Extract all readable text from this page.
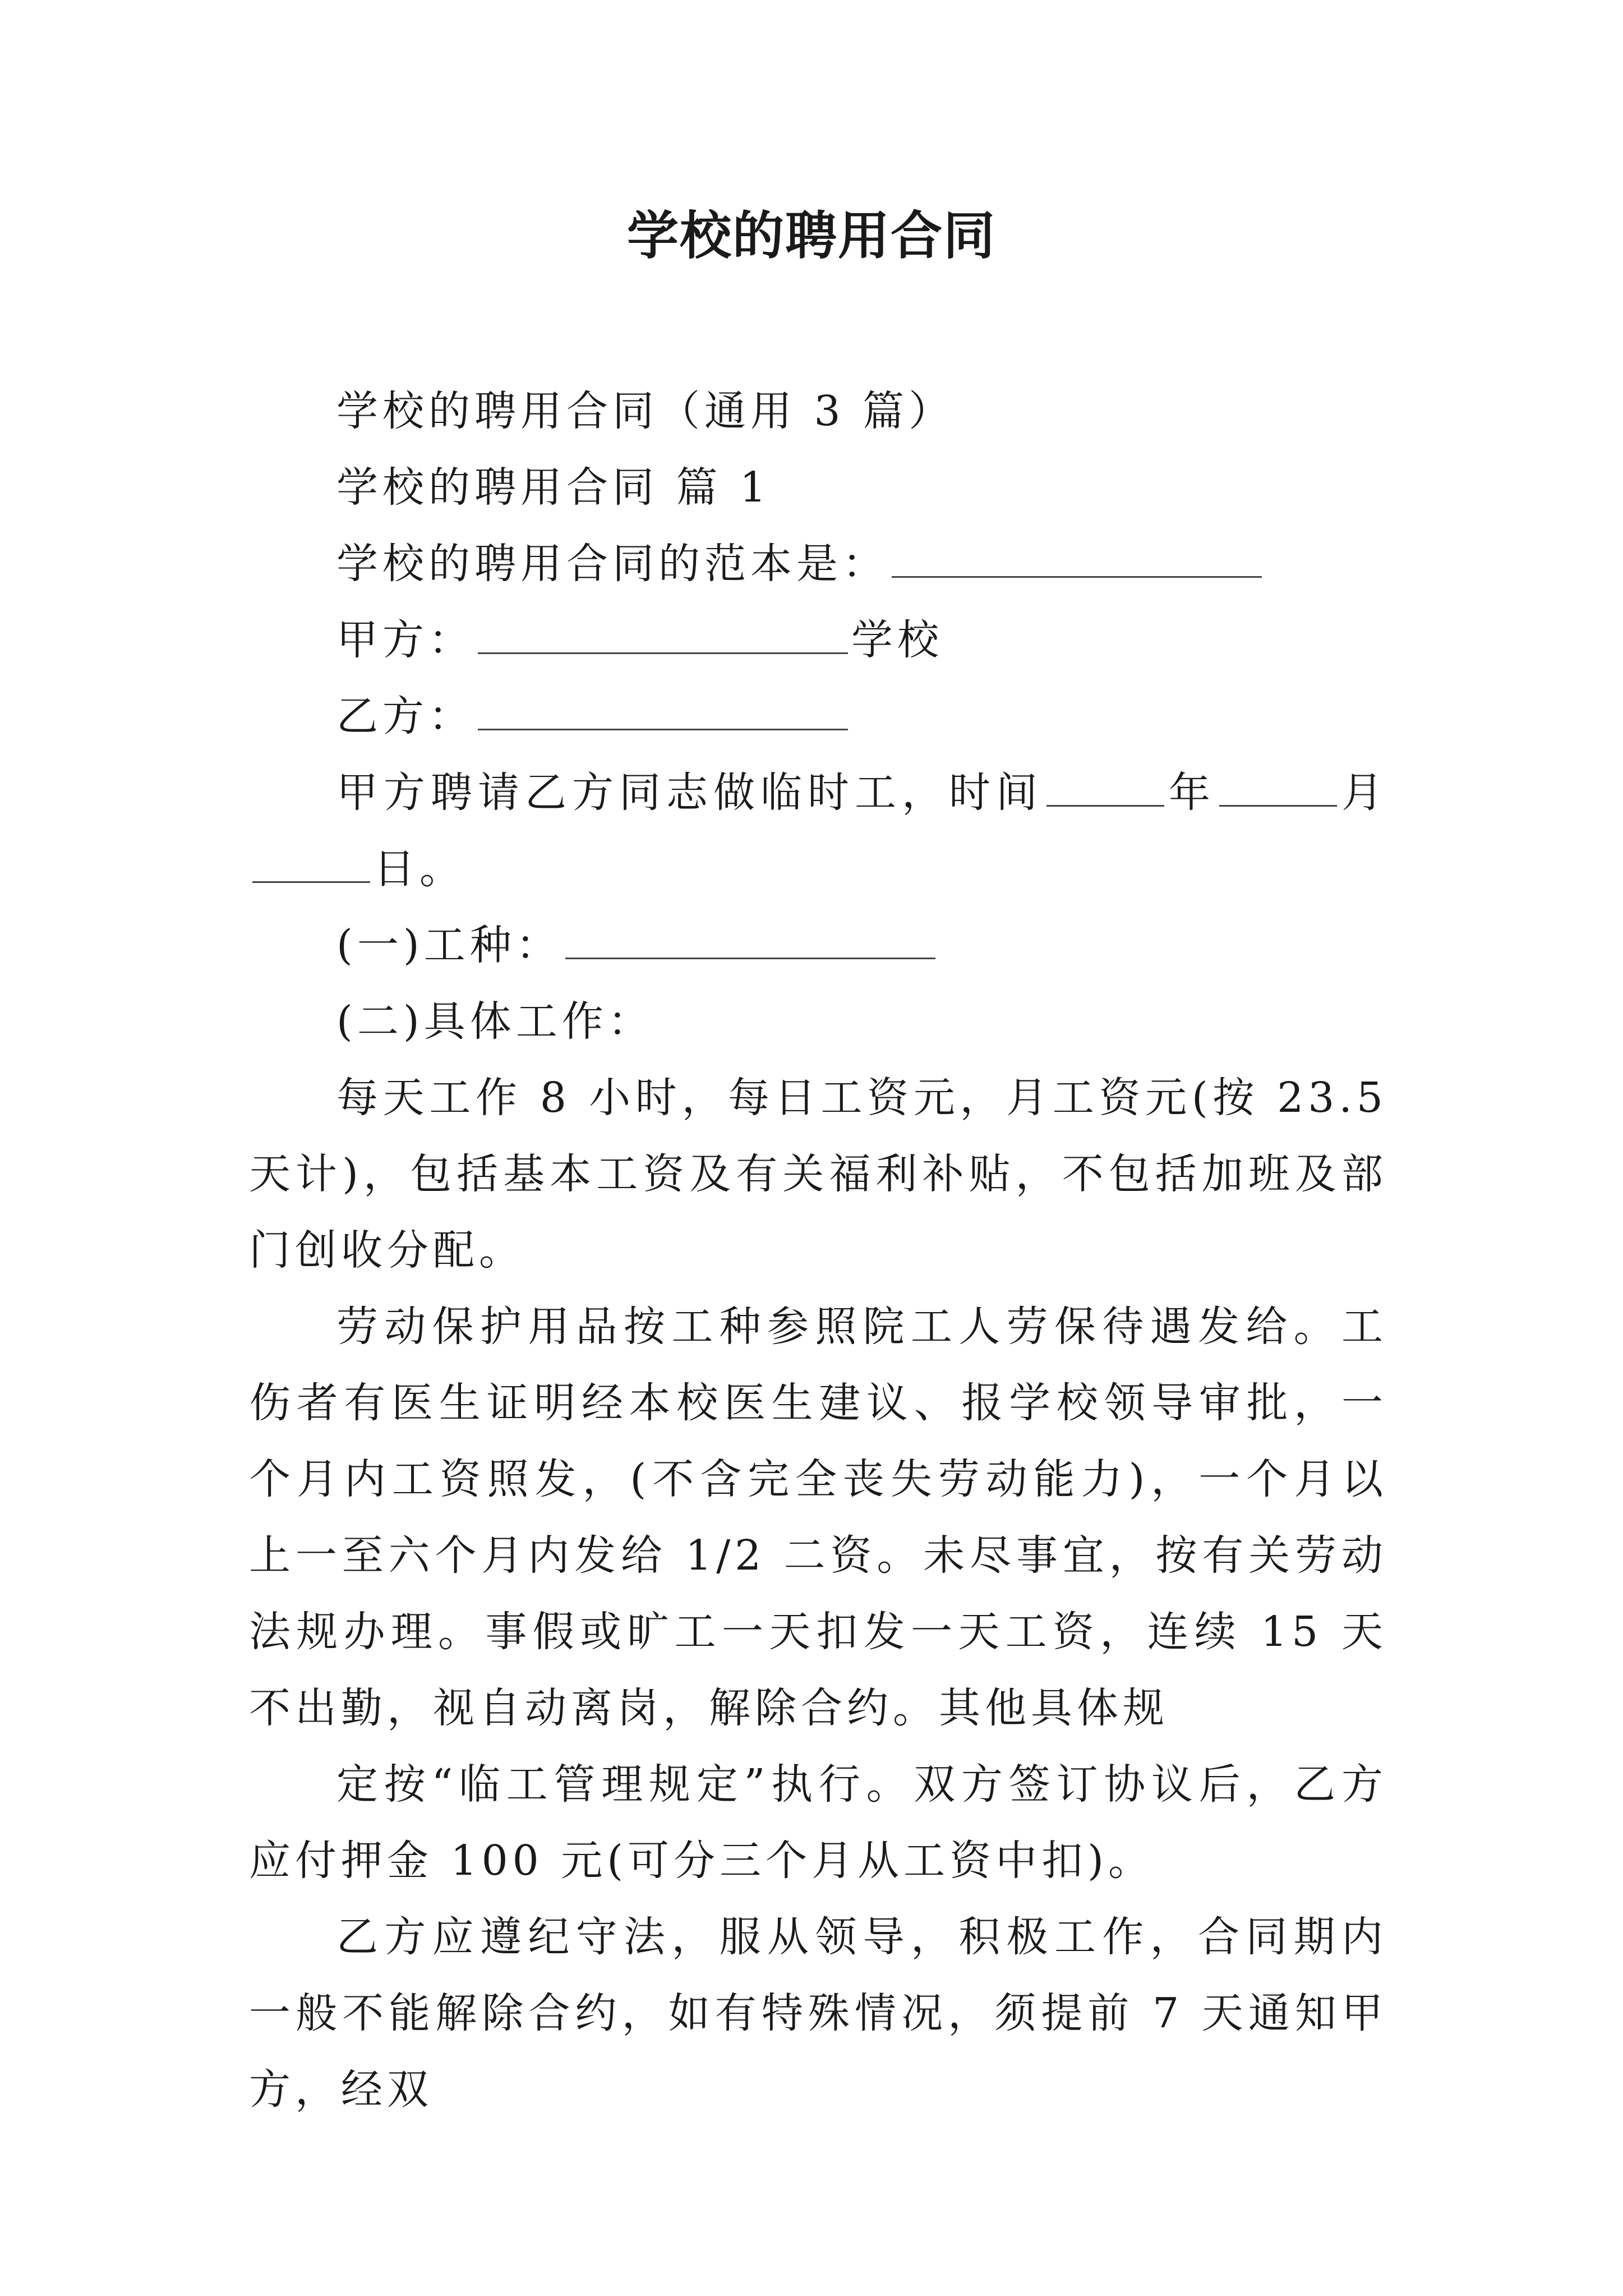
学校的聘用合同

学校的聘用合同（通用 3 篇）

学校的聘用合同 篇 1

学校的聘用合同的范本是：

甲方：	学校

乙方：

甲方聘请乙方同志做临时工，时间	年	月日。

(一)工种：

(二)具体工作：

每天工作 8 小时，每日工资元，月工资元(按 23.5 天计)，包括基本工资及有关福利补贴，不包括加班及部门创收分配。

劳动保护用品按工种参照院工人劳保待遇发给。工伤者有医生证明经本校医生建议、报学校领导审批，一个月内工资照发，(不含完全丧失劳动能力)，一个月以上一至六个月内发给 1/2 二资。未尽事宜，按有关劳动法规办理。事假或旷工一天扣发一天工资，连续 15 天不出勤，视自动离岗，解除合约。其他具体规

定按“临工管理规定”执行。双方签订协议后，乙方应付押金 100 元(可分三个月从工资中扣)。

乙方应遵纪守法，服从领导，积极工作，合同期内一般不能解除合约，如有特殊情况，须提前 7 天通知甲方，经双
